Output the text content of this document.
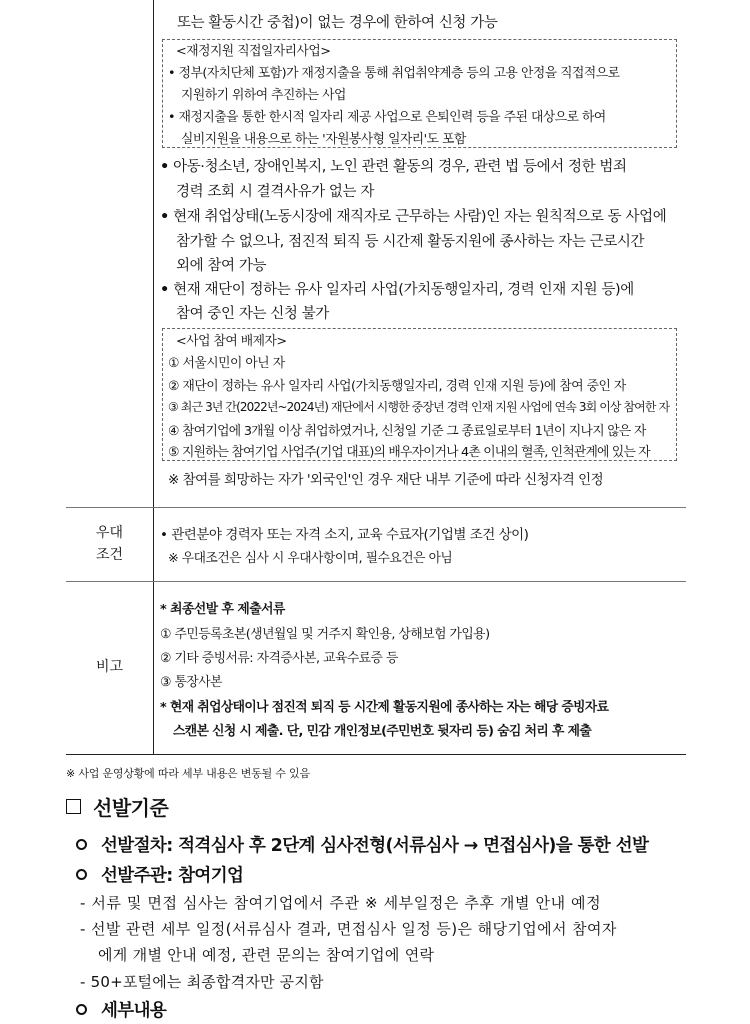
또는 활동시간 중첩)이 없는 경우에 한하여 신청 가능
<재정지원 직접일자리사업>
• 정부(자치단체 포함)가 재정지출을 통해 취업취약계층 등의 고용 안정을 직접적으로
지원하기 위하여 추진하는 사업
• 재정지출을 통한 한시적 일자리 제공 사업으로 은퇴인력 등을 주된 대상으로 하여
실비지원을 내용으로 하는 '자원봉사형 일자리'도 포함
• 아동·청소년, 장애인복지, 노인 관련 활동의 경우, 관련 법 등에서 정한 범죄
경력 조회 시 결격사유가 없는 자
• 현재 취업상태(노동시장에 재직자로 근무하는 사람)인 자는 원칙적으로 동 사업에
참가할 수 없으나, 점진적 퇴직 등 시간제 활동지원에 종사하는 자는 근로시간
외에 참여 가능
• 현재 재단이 정하는 유사 일자리 사업(가치동행일자리, 경력 인재 지원 등)에
참여 중인 자는 신청 불가
<사업 참여 배제자>
① 서울시민이 아닌 자
② 재단이 정하는 유사 일자리 사업(가치동행일자리, 경력 인재 지원 등)에 참여 중인 자
③ 최근 3년 간(2022년~2024년) 재단에서 시행한 중장년 경력 인재 지원 사업에 연속 3회 이상 참여한 자
④ 참여기업에 3개월 이상 취업하였거나, 신청일 기준 그 종료일로부터 1년이 지나지 않은 자
⑤ 지원하는 참여기업 사업주(기업 대표)의 배우자이거나 4촌 이내의 혈족, 인척관계에 있는 자
※ 참여를 희망하는 자가 '외국인'인 경우 재단 내부 기준에 따라 신청자격 인정
우대
조건
• 관련분야 경력자 또는 자격 소지, 교육 수료자(기업별 조건 상이)
※ 우대조건은 심사 시 우대사항이며, 필수요건은 아님
비고
* 최종선발 후 제출서류
① 주민등록초본(생년월일 및 거주지 확인용, 상해보험 가입용)
② 기타 증빙서류: 자격증사본, 교육수료증 등
③ 통장사본
* 현재 취업상태이나 점진적 퇴직 등 시간제 활동지원에 종사하는 자는 해당 증빙자료
스캔본 신청 시 제출. 단, 민감 개인정보(주민번호 뒷자리 등) 숨김 처리 후 제출
※ 사업 운영상황에 따라 세부 내용은 변동될 수 있음
선발기준
선발절차: 적격심사 후 2단계 심사전형(서류심사 → 면접심사)을 통한 선발
선발주관: 참여기업
- 서류 및 면접 심사는 참여기업에서 주관 ※ 세부일정은 추후 개별 안내 예정
- 선발 관련 세부 일정(서류심사 결과, 면접심사 일정 등)은 해당기업에서 참여자
에게 개별 안내 예정, 관련 문의는 참여기업에 연락
- 50+포털에는 최종합격자만 공지함
세부내용
